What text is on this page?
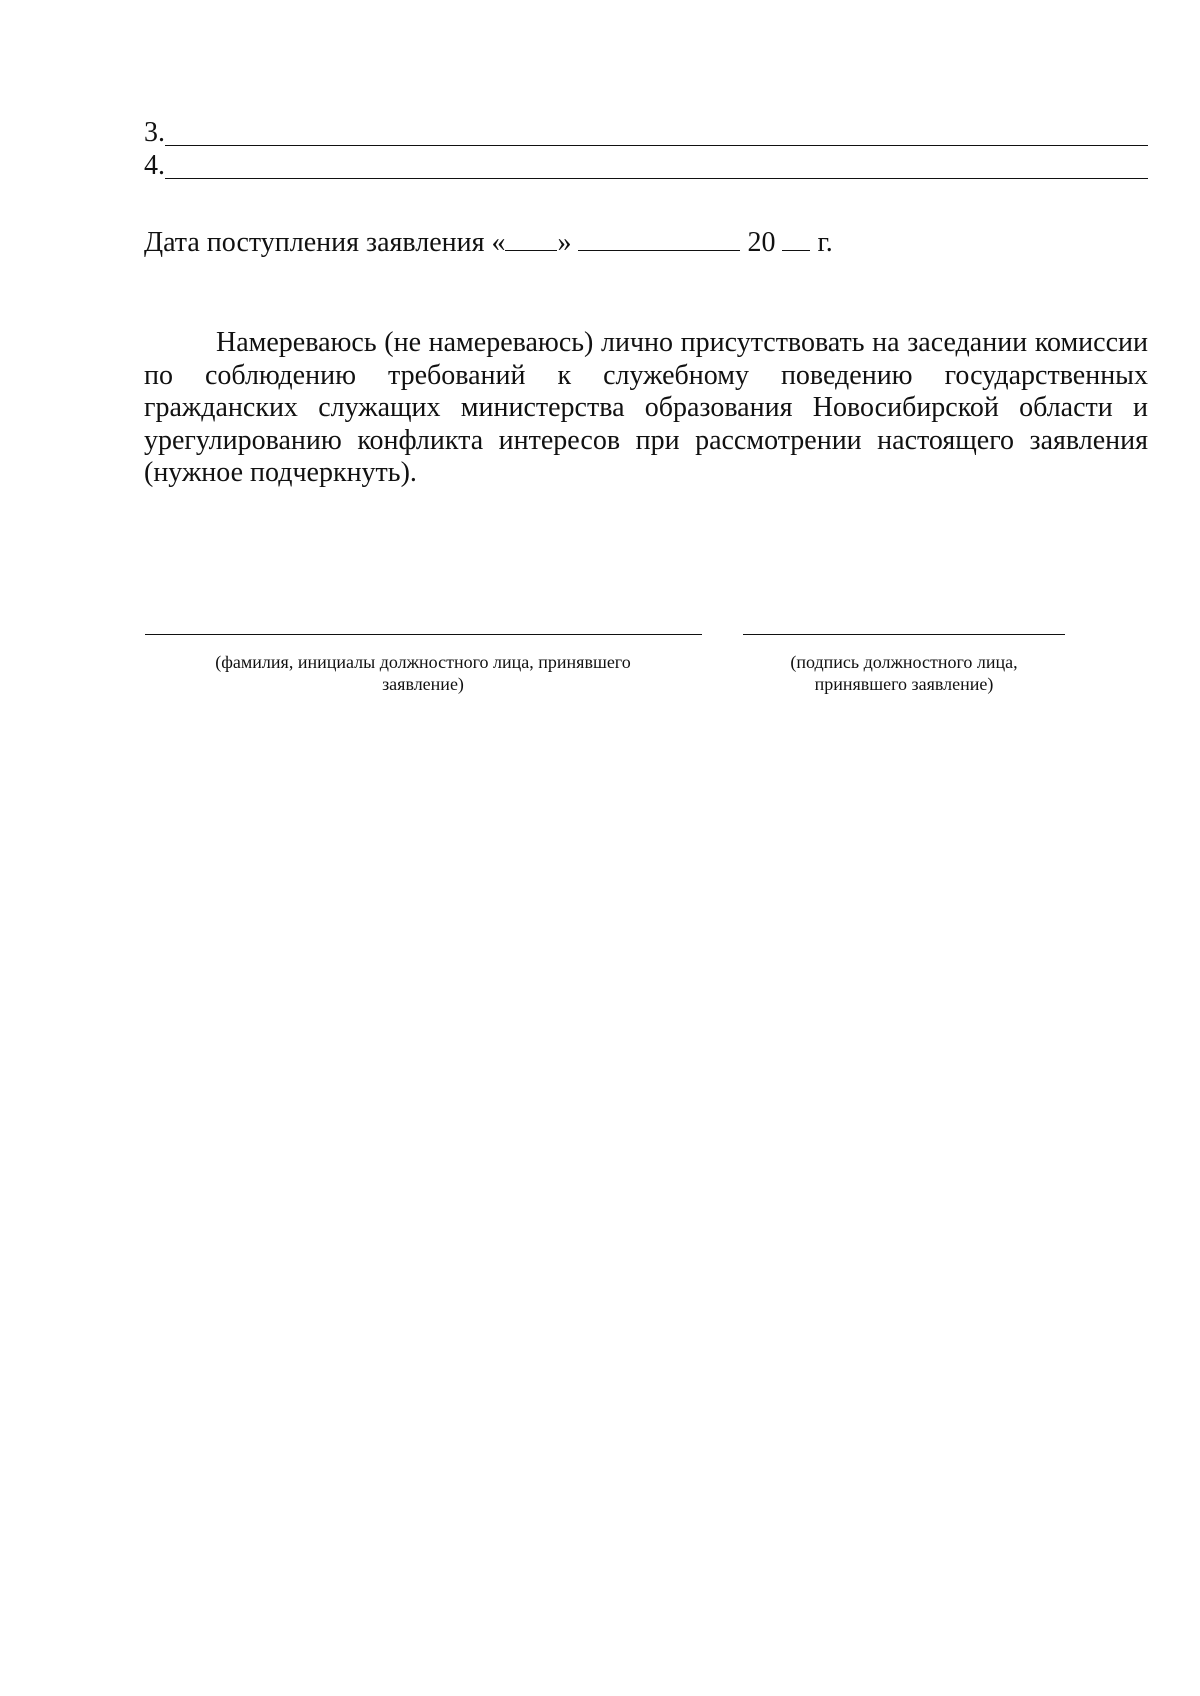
3.
4.
Дата поступления заявления « »	20 г.

Намереваюсь (не намереваюсь) лично присутствовать на заседании комиссии по соблюдению требований к служебному поведению государственных гражданских служащих министерства образования Новосибирской области и урегулированию конфликта интересов при рассмотрении настоящего заявления (нужное подчеркнуть).

(фамилия, инициалы должностного лица, принявшего заявление)
(подпись должностного лица, принявшего заявление)
